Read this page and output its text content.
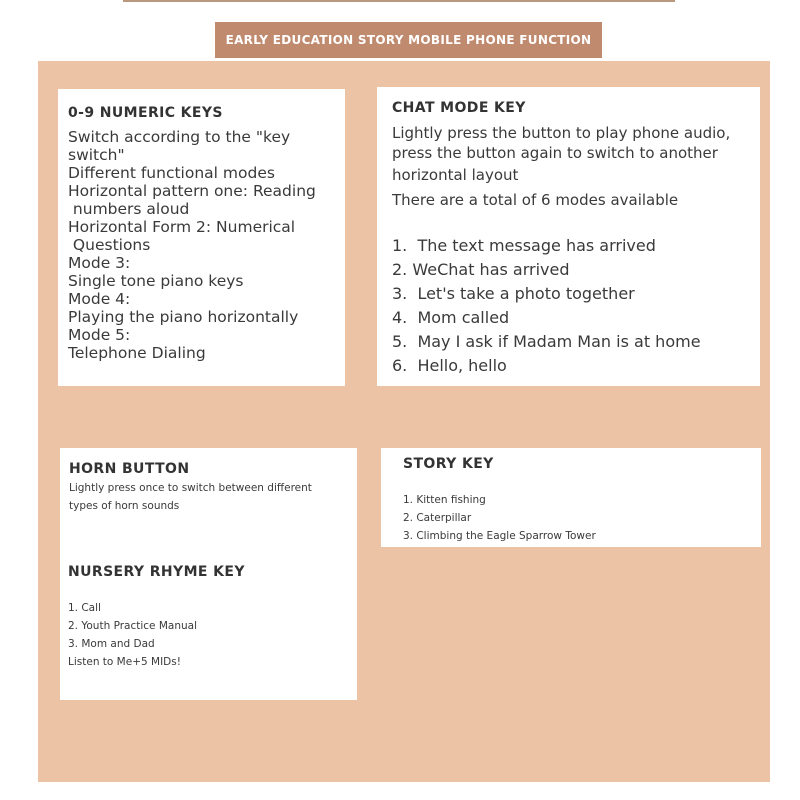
EARLY EDUCATION STORY MOBILE PHONE FUNCTION
0-9 NUMERIC KEYS
Switch according to the "key
switch"
Different functional modes
Horizontal pattern one: Reading
numbers aloud
Horizontal Form 2: Numerical
Questions
Mode 3:
Single tone piano keys
Mode 4:
Playing the piano horizontally
Mode 5:
Telephone Dialing
CHAT MODE KEY
Lightly press the button to play phone audio,
press the button again to switch to another
horizontal layout
There are a total of 6 modes available
1.  The text message has arrived
2. WeChat has arrived
3.  Let's take a photo together
4.  Mom called
5.  May I ask if Madam Man is at home
6.  Hello, hello
HORN BUTTON
Lightly press once to switch between different
types of horn sounds
NURSERY RHYME KEY
1. Call
2. Youth Practice Manual
3. Mom and Dad
Listen to Me+5 MIDs!
STORY KEY
1. Kitten fishing
2. Caterpillar
3. Climbing the Eagle Sparrow Tower
